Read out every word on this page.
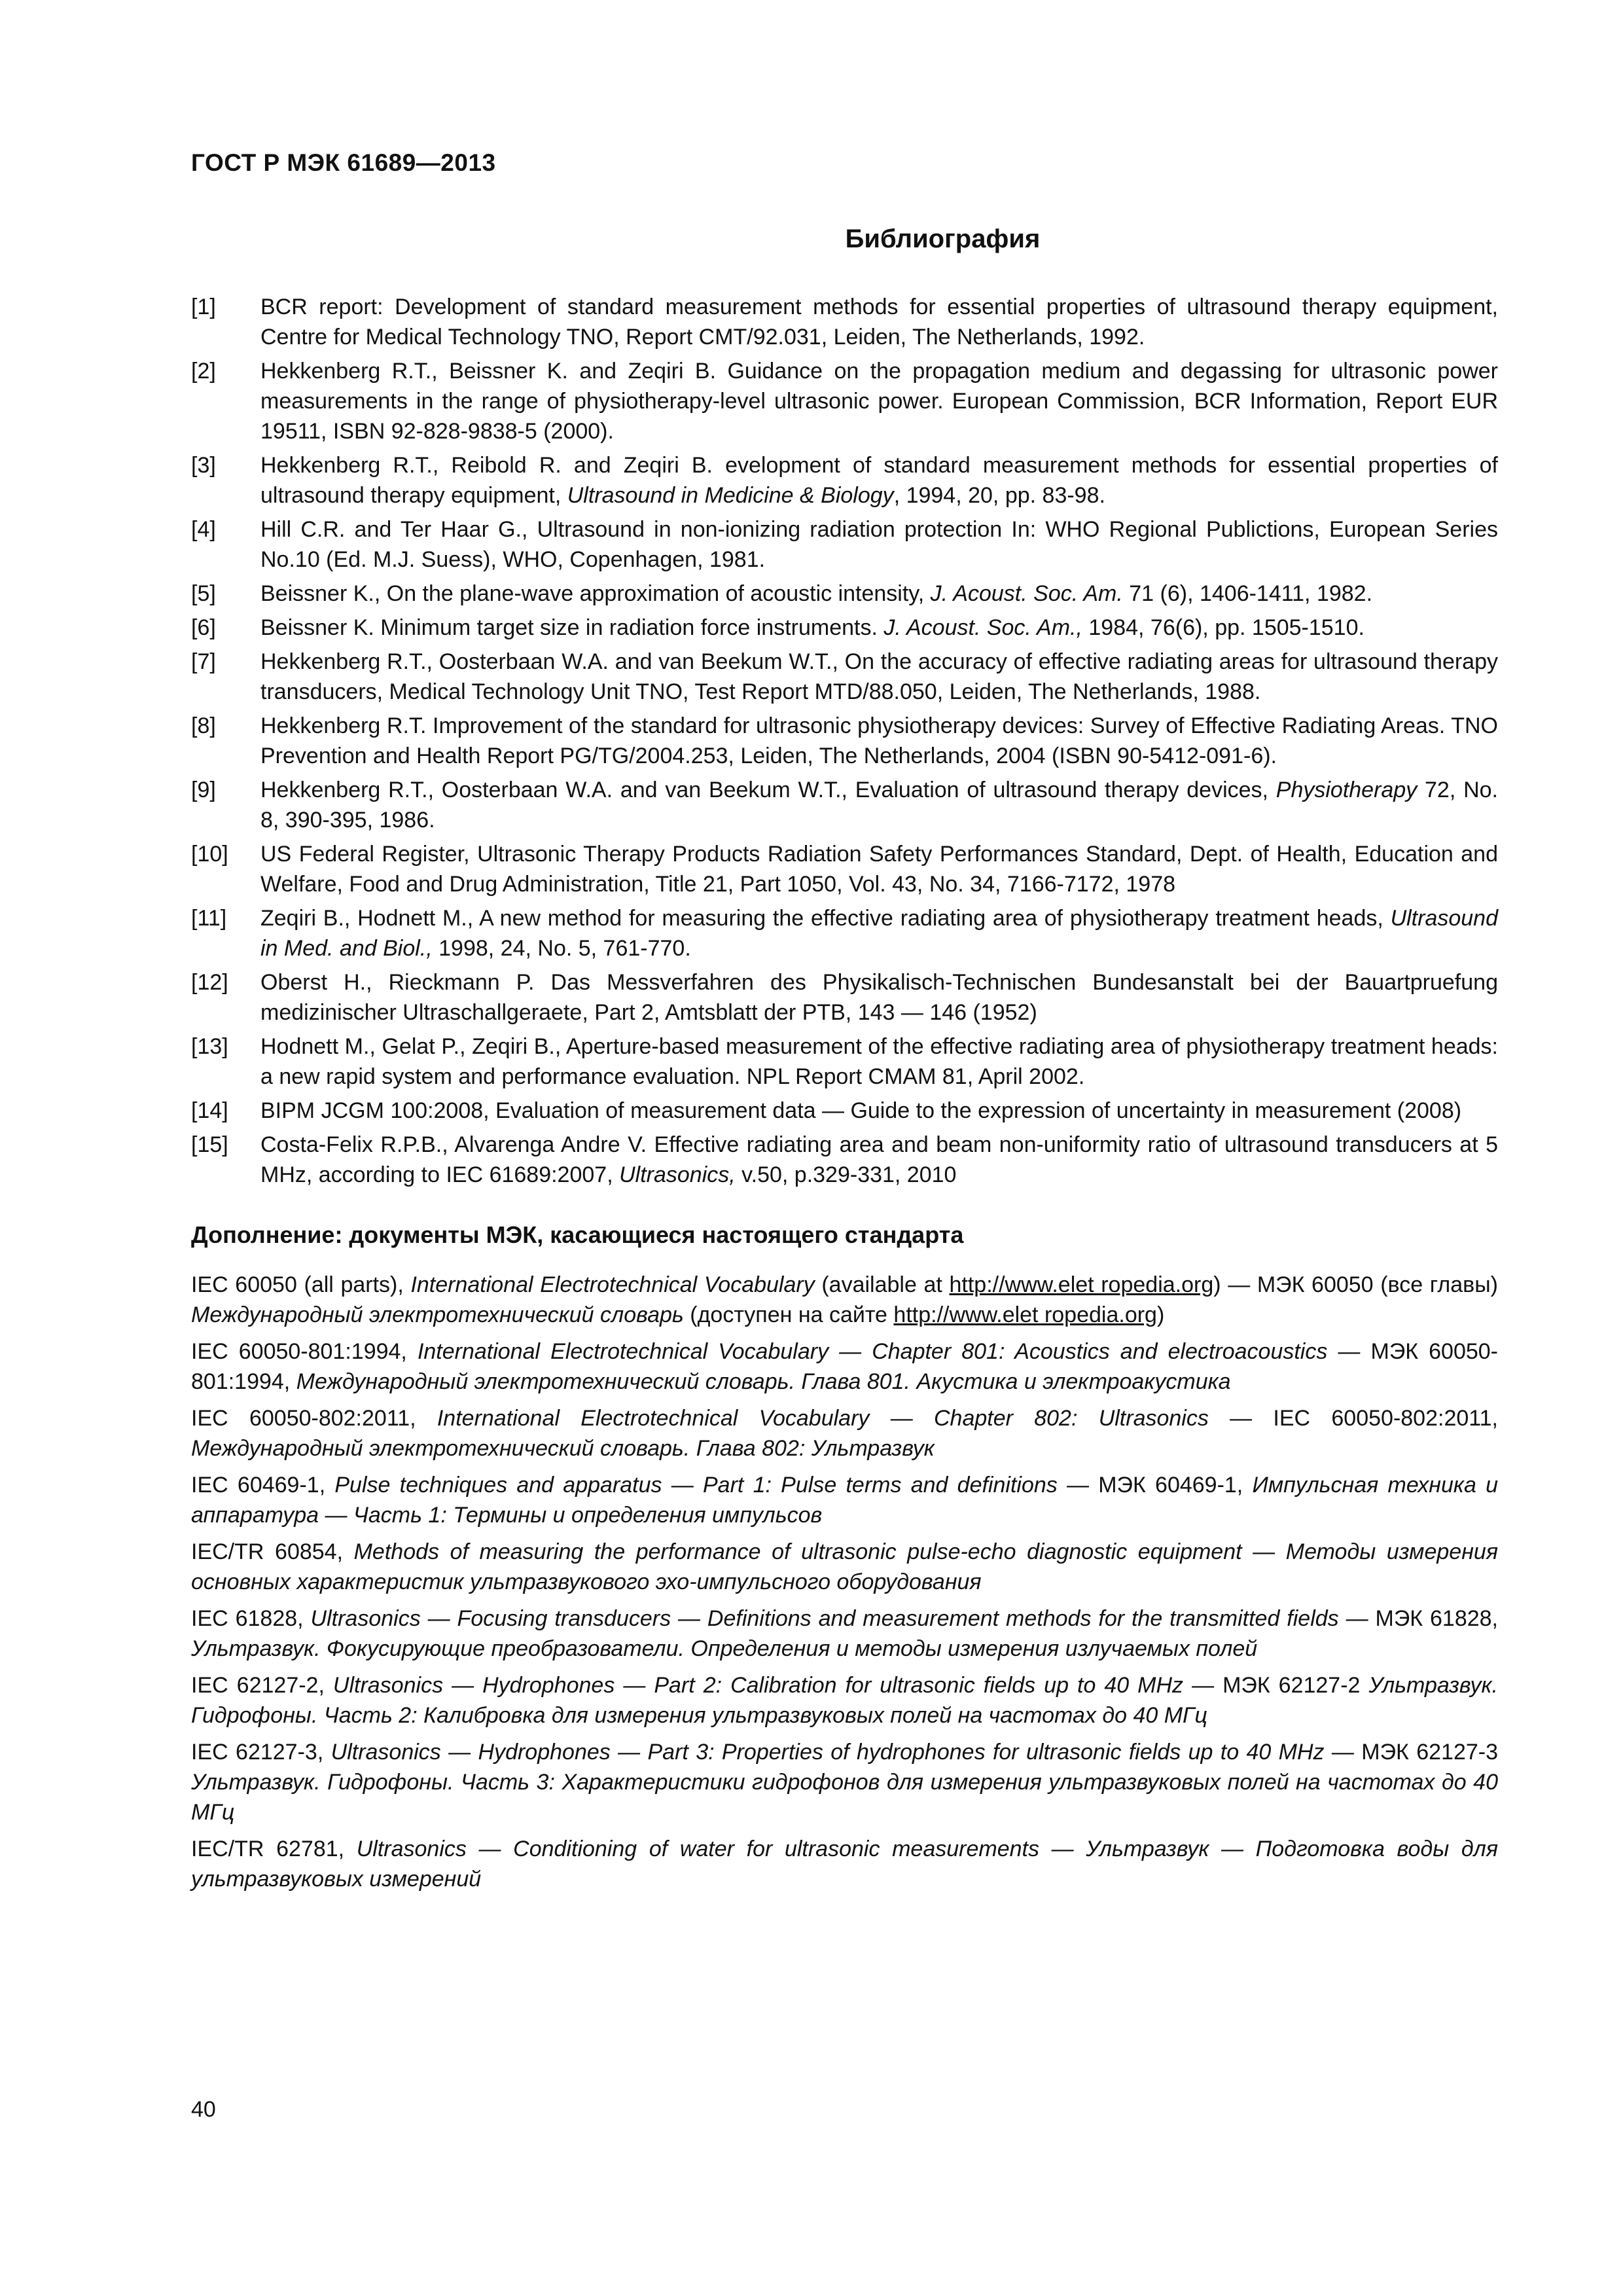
ГОСТ Р МЭК 61689—2013
Библиография
[1]	BCR report: Development of standard measurement methods for essential properties of ultrasound therapy equipment, Centre for Medical Technology TNO, Report CMT/92.031, Leiden, The Netherlands, 1992.
[2]	Hekkenberg R.T., Beissner K. and Zeqiri B. Guidance on the propagation medium and degassing for ultrasonic power measurements in the range of physiotherapy-level ultrasonic power. European Commission, BCR Information, Report EUR 19511, ISBN 92-828-9838-5 (2000).
[3]	Hekkenberg R.T., Reibold R. and Zeqiri B. evelopment of standard measurement methods for essential properties of ultrasound therapy equipment, Ultrasound in Medicine & Biology, 1994, 20, pp. 83-98.
[4]	Hill C.R. and Ter Haar G., Ultrasound in non-ionizing radiation protection In: WHO Regional Publictions, European Series No.10 (Ed. M.J. Suess), WHO, Copenhagen, 1981.
[5]	Beissner K., On the plane-wave approximation of acoustic intensity, J. Acoust. Soc. Am. 71 (6), 1406-1411, 1982.
[6]	Beissner K. Minimum target size in radiation force instruments. J. Acoust. Soc. Am., 1984, 76(6), pp. 1505-1510.
[7]	Hekkenberg R.T., Oosterbaan W.A. and van Beekum W.T., On the accuracy of effective radiating areas for ultrasound therapy transducers, Medical Technology Unit TNO, Test Report MTD/88.050, Leiden, The Netherlands, 1988.
[8]	Hekkenberg R.T. Improvement of the standard for ultrasonic physiotherapy devices: Survey of Effective Radiating Areas. TNO Prevention and Health Report PG/TG/2004.253, Leiden, The Netherlands, 2004 (ISBN 90-5412-091-6).
[9]	Hekkenberg R.T., Oosterbaan W.A. and van Beekum W.T., Evaluation of ultrasound therapy devices, Physiotherapy 72, No. 8, 390-395, 1986.
[10]	US Federal Register, Ultrasonic Therapy Products Radiation Safety Performances Standard, Dept. of Health, Education and Welfare, Food and Drug Administration, Title 21, Part 1050, Vol. 43, No. 34, 7166-7172, 1978
[11]	Zeqiri B., Hodnett M., A new method for measuring the effective radiating area of physiotherapy treatment heads, Ultrasound in Med. and Biol., 1998, 24, No. 5, 761-770.
[12]	Oberst H., Rieckmann P. Das Messverfahren des Physikalisch-Technischen Bundesanstalt bei der Bauartpruefung medizinischer Ultraschallgeraete, Part 2, Amtsblatt der PTB, 143 — 146 (1952)
[13]	Hodnett M., Gelat P., Zeqiri B., Aperture-based measurement of the effective radiating area of physiotherapy treatment heads: a new rapid system and performance evaluation. NPL Report CMAM 81, April 2002.
[14]	BIPM JCGM 100:2008, Evaluation of measurement data — Guide to the expression of uncertainty in measurement (2008)
[15]	Costa-Felix R.P.B., Alvarenga Andre V. Effective radiating area and beam non-uniformity ratio of ultrasound transducers at 5 MHz, according to IEC 61689:2007, Ultrasonics, v.50, p.329-331, 2010
Дополнение: документы МЭК, касающиеся настоящего стандарта
IEC 60050 (all parts), International Electrotechnical Vocabulary (available at http://www.elet ropedia.org) — МЭК 60050 (все главы) Международный электротехнический словарь (доступен на сайте http://www.elet ropedia.org)
IEC 60050-801:1994, International Electrotechnical Vocabulary — Chapter 801: Acoustics and electroacoustics — МЭК 60050-801:1994, Международный электротехнический словарь. Глава 801. Акустика и электроакустика
IEC 60050-802:2011, International Electrotechnical Vocabulary — Chapter 802: Ultrasonics — IEC 60050-802:2011, Международный электротехнический словарь. Глава 802: Ультразвук
IEC 60469-1, Pulse techniques and apparatus — Part 1: Pulse terms and definitions — МЭК 60469-1, Импульсная техника и аппаратура — Часть 1: Термины и определения импульсов
IEC/TR 60854, Methods of measuring the performance of ultrasonic pulse-echo diagnostic equipment — Методы измерения основных характеристик ультразвукового эхо-импульсного оборудования
IEC 61828, Ultrasonics — Focusing transducers — Definitions and measurement methods for the transmitted fields — МЭК 61828, Ультразвук. Фокусирующие преобразователи. Определения и методы измерения излучаемых полей
IEC 62127-2, Ultrasonics — Hydrophones — Part 2: Calibration for ultrasonic fields up to 40 MHz — МЭК 62127-2 Ультразвук. Гидрофоны. Часть 2: Калибровка для измерения ультразвуковых полей на частотах до 40 МГц
IEC 62127-3, Ultrasonics — Hydrophones — Part 3: Properties of hydrophones for ultrasonic fields up to 40 MHz — МЭК 62127-3 Ультразвук. Гидрофоны. Часть 3: Характеристики гидрофонов для измерения ультразвуковых полей на частотах до 40 МГц
IEC/TR 62781, Ultrasonics — Conditioning of water for ultrasonic measurements — Ультразвук — Подготовка воды для ультразвуковых измерений
40
